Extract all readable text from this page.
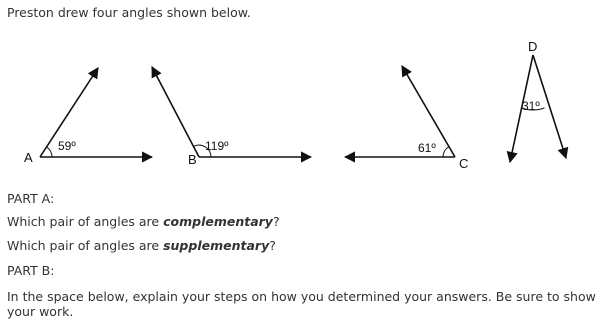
Preston drew four angles shown below.
A
59º
B
119º
C
61º
D
31º
PART A:
Which pair of angles are complementary?
Which pair of angles are supplementary?
PART B:
In the space below, explain your steps on how you determined your answers. Be sure to show your work.
